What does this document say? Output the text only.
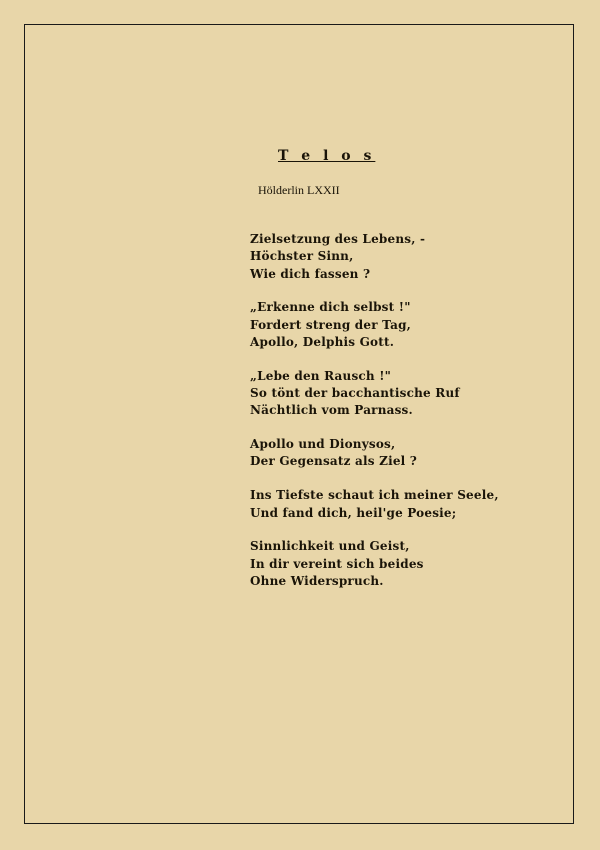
T e l o s
Hölderlin LXXII
Zielsetzung des Lebens, -
Höchster Sinn,
Wie dich fassen ?
„Erkenne dich selbst !"
Fordert streng der Tag,
Apollo, Delphis Gott.
„Lebe den Rausch !"
So tönt der bacchantische Ruf
Nächtlich vom Parnass.
Apollo und Dionysos,
Der Gegensatz als Ziel ?
Ins Tiefste schaut ich meiner Seele,
Und fand dich, heil'ge Poesie;
Sinnlichkeit und Geist,
In dir vereint sich beides
Ohne Widerspruch.
